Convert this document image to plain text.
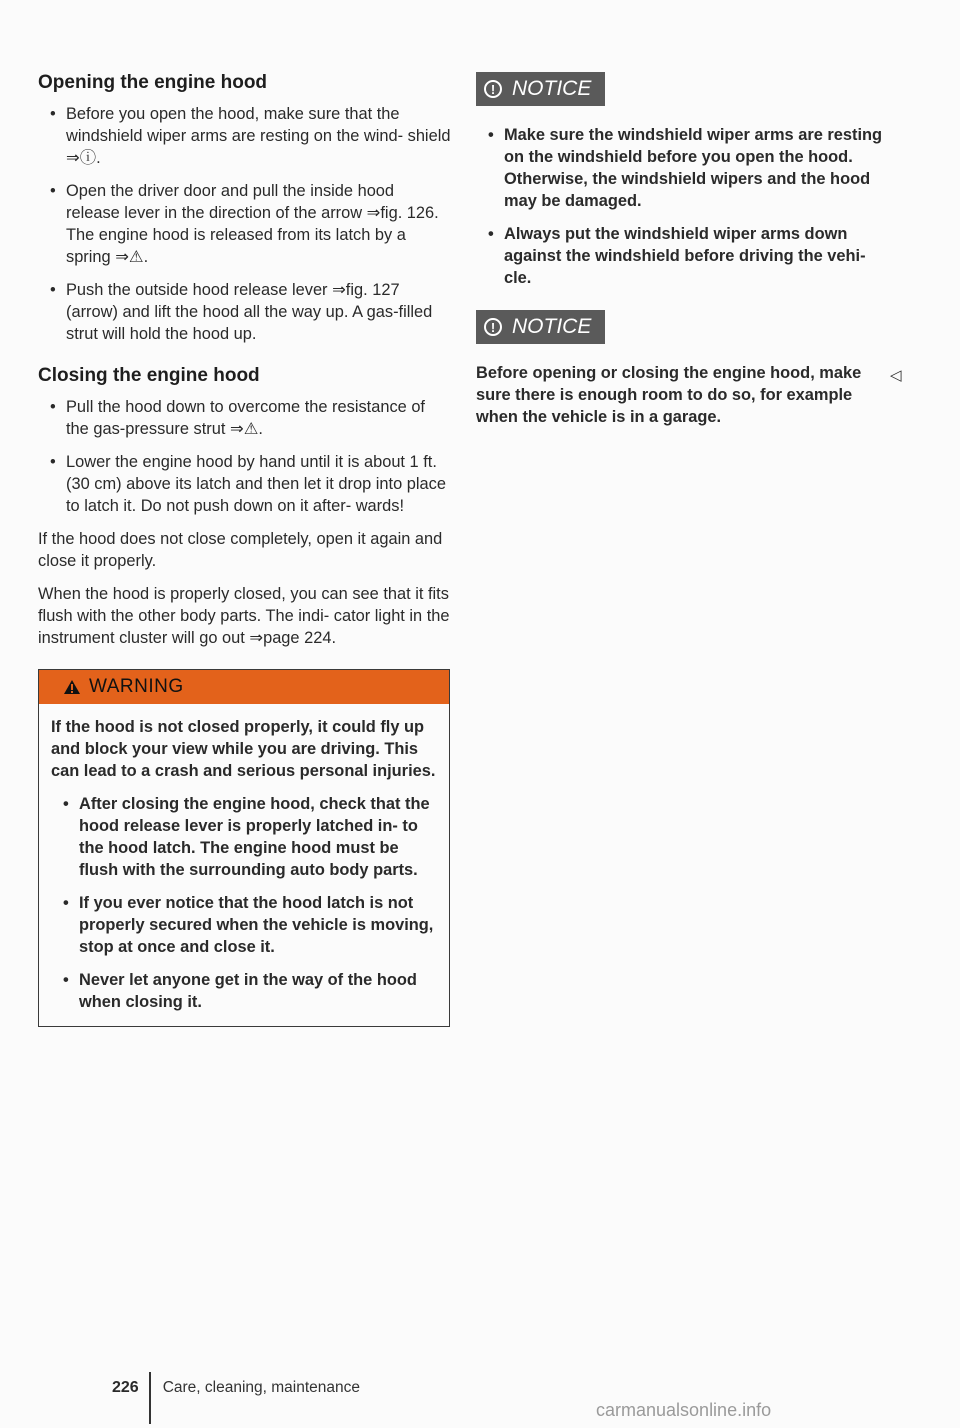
Opening the engine hood

• Before you open the hood, make sure that the windshield wiper arms are resting on the wind- shield ⇒ⓘ.

• Open the driver door and pull the inside hood release lever in the direction of the arrow ⇒fig. 126. The engine hood is released from its latch by a spring ⇒⚠.

• Push the outside hood release lever ⇒fig. 127 (arrow) and lift the hood all the way up. A gas-filled strut will hold the hood up.

Closing the engine hood

• Pull the hood down to overcome the resistance of the gas-pressure strut ⇒⚠.

• Lower the engine hood by hand until it is about 1 ft. (30 cm) above its latch and then let it drop into place to latch it. Do not push down on it after- wards!

If the hood does not close completely, open it again and close it properly.

When the hood is properly closed, you can see that it fits flush with the other body parts. The indi- cator light in the instrument cluster will go out ⇒page 224.

WARNING

If the hood is not closed properly, it could fly up and block your view while you are driving. This can lead to a crash and serious personal injuries.

• After closing the engine hood, check that the hood release lever is properly latched in- to the hood latch. The engine hood must be flush with the surrounding auto body parts.

• If you ever notice that the hood latch is not properly secured when the vehicle is moving, stop at once and close it.

• Never let anyone get in the way of the hood when closing it.

! NOTICE

• Make sure the windshield wiper arms are resting on the windshield before you open the hood. Otherwise, the windshield wipers and the hood may be damaged.

• Always put the windshield wiper arms down against the windshield before driving the vehi- cle.

! NOTICE

Before opening or closing the engine hood, make sure there is enough room to do so, for example when the vehicle is in a garage.

◁
226 Care, cleaning, maintenance
carmanualsonline.info
